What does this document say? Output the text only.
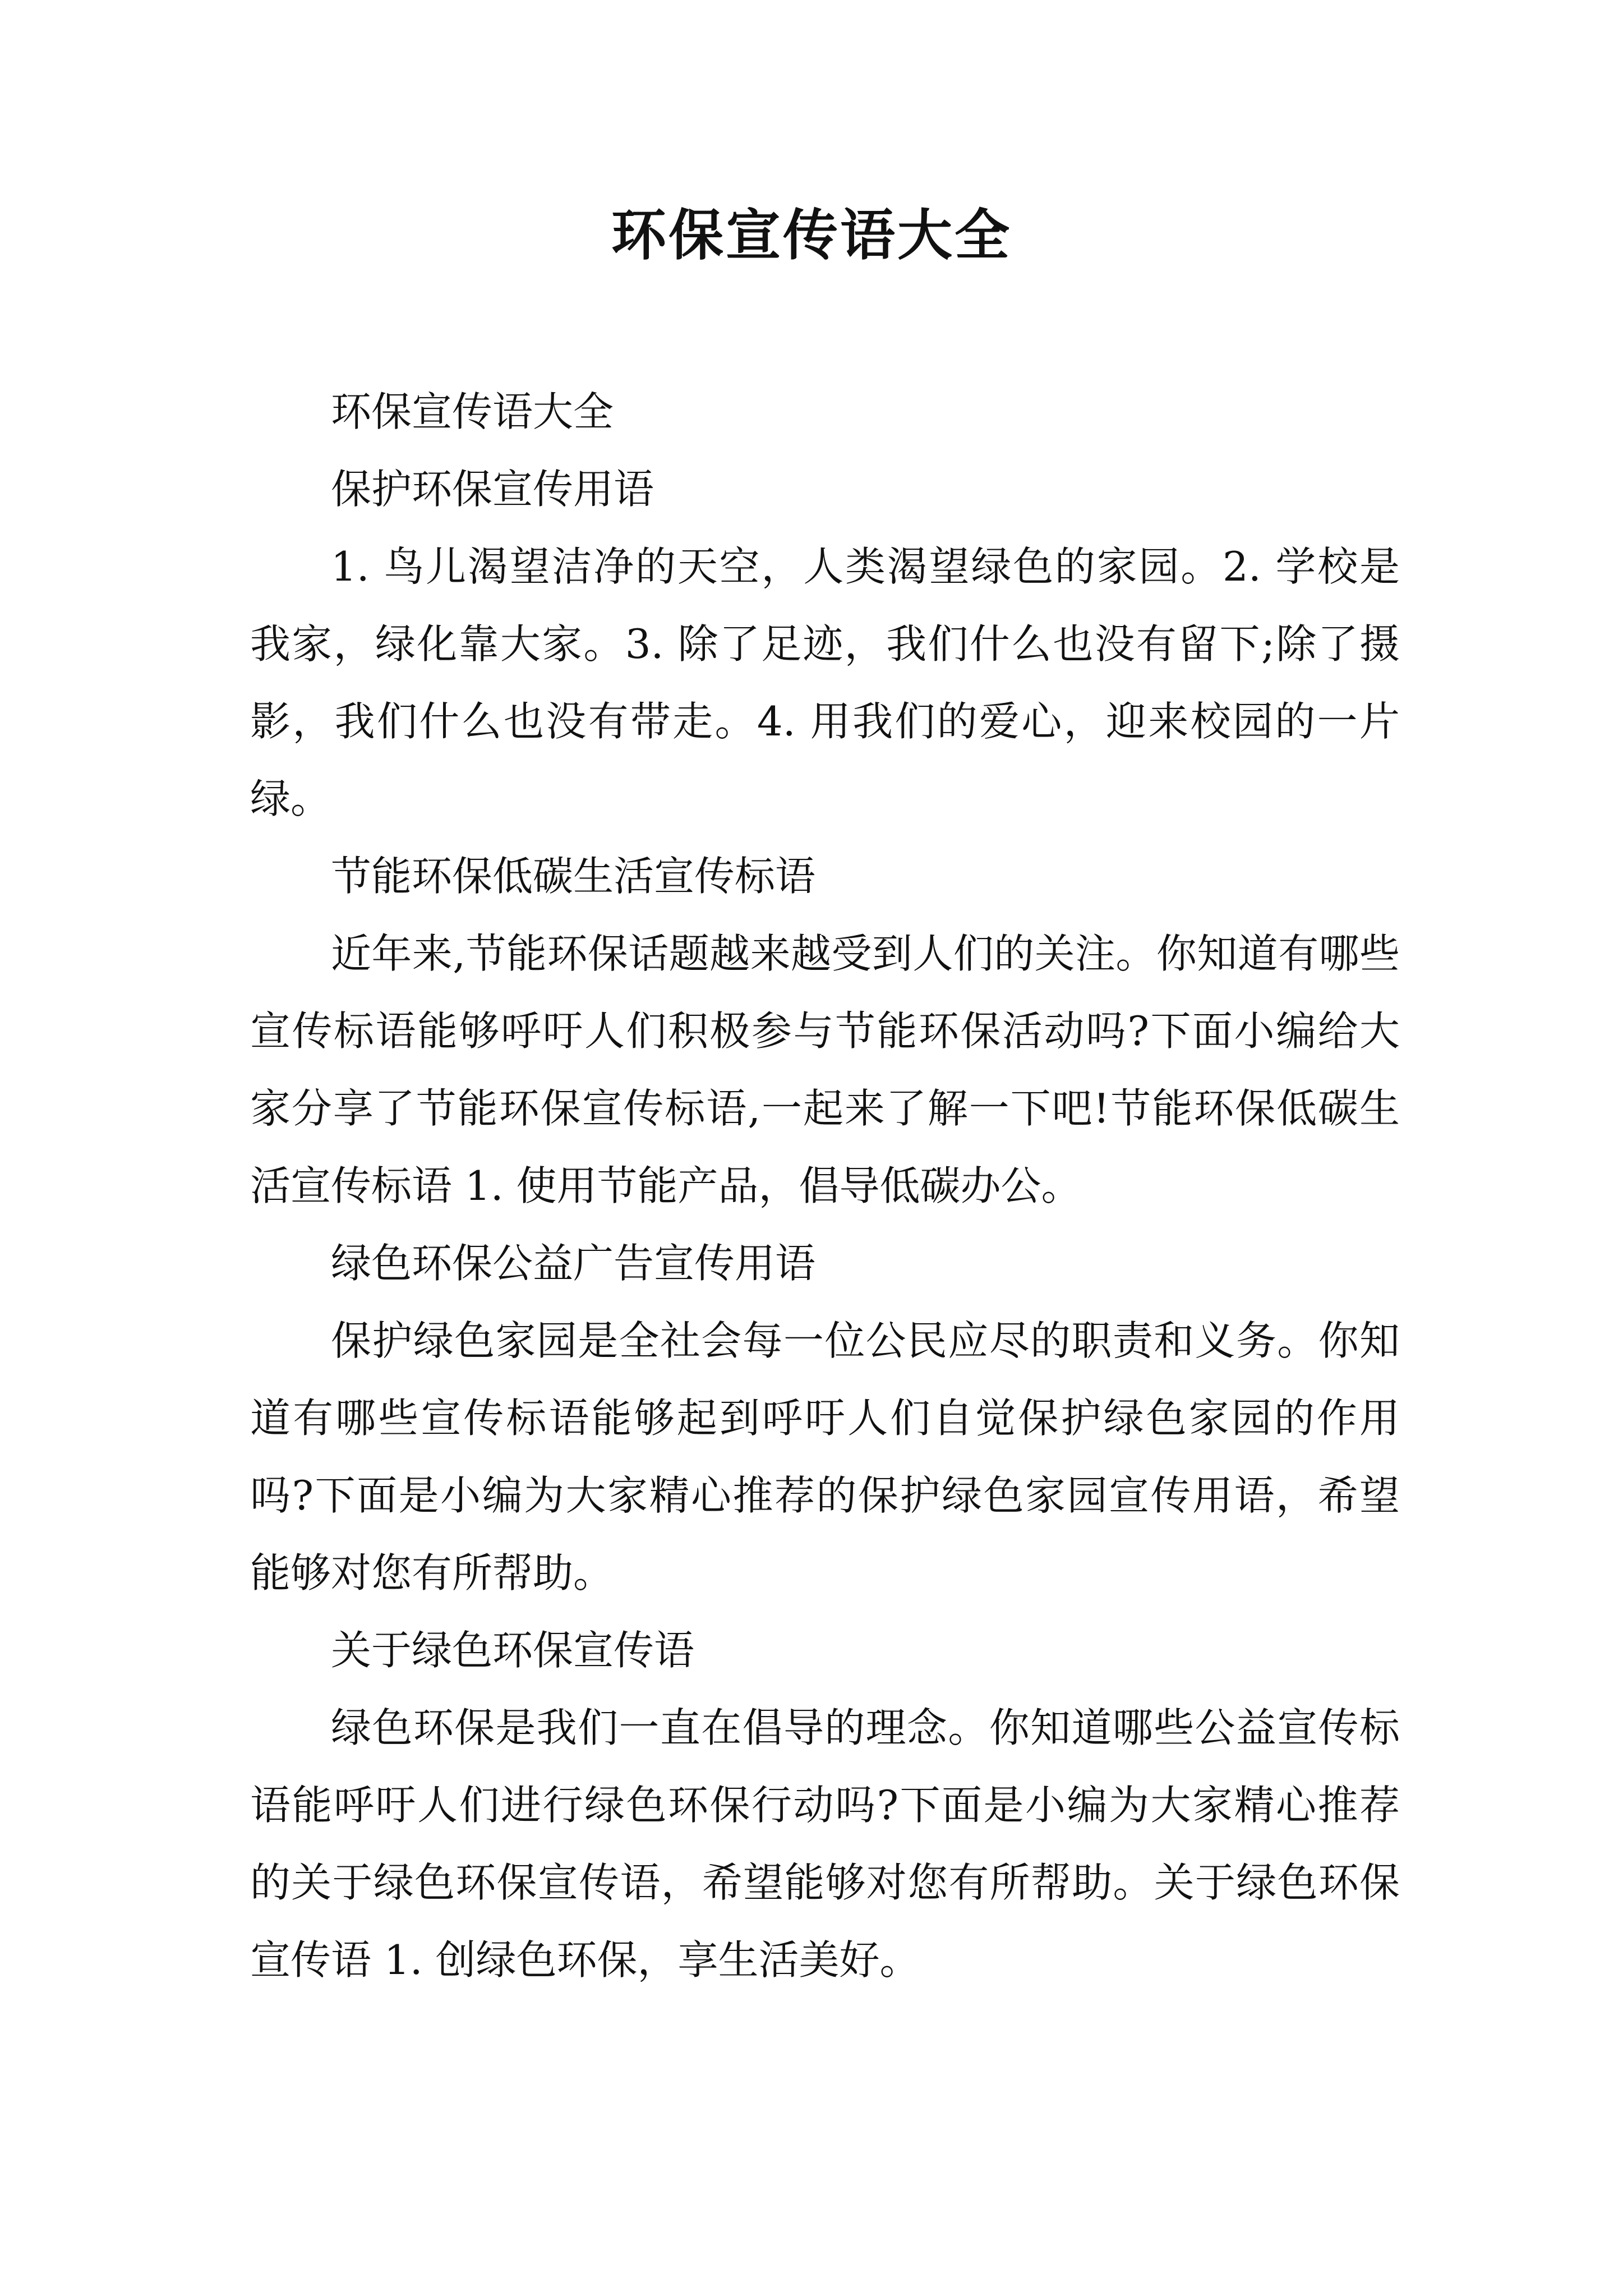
环保宣传语大全

环保宣传语大全

保护环保宣传用语

1. 鸟儿渴望洁净的天空，人类渴望绿色的家园。2. 学校是我家，绿化靠大家。3. 除了足迹，我们什么也没有留下;除了摄影，我们什么也没有带走。4. 用我们的爱心，迎来校园的一片绿。

节能环保低碳生活宣传标语

近年来,节能环保话题越来越受到人们的关注。你知道有哪些宣传标语能够呼吁人们积极参与节能环保活动吗?下面小编给大家分享了节能环保宣传标语,一起来了解一下吧!节能环保低碳生活宣传标语 1. 使用节能产品，倡导低碳办公。

绿色环保公益广告宣传用语

保护绿色家园是全社会每一位公民应尽的职责和义务。你知道有哪些宣传标语能够起到呼吁人们自觉保护绿色家园的作用吗?下面是小编为大家精心推荐的保护绿色家园宣传用语，希望能够对您有所帮助。

关于绿色环保宣传语

绿色环保是我们一直在倡导的理念。你知道哪些公益宣传标语能呼吁人们进行绿色环保行动吗?下面是小编为大家精心推荐的关于绿色环保宣传语，希望能够对您有所帮助。关于绿色环保宣传语 1. 创绿色环保，享生活美好。
